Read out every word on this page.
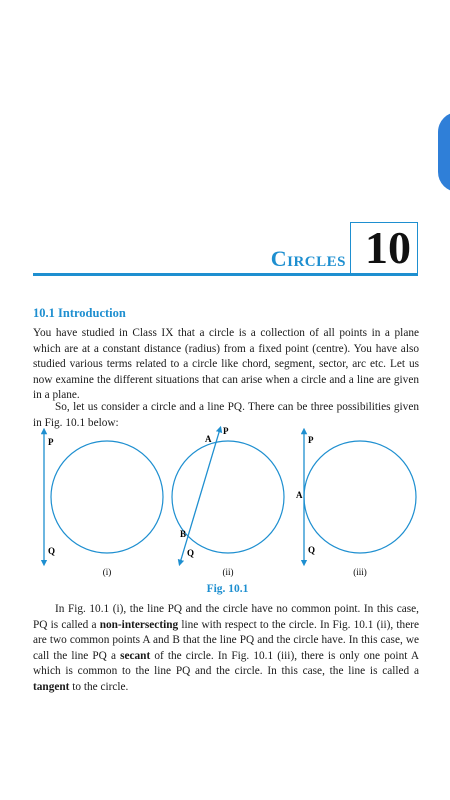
Circles 10
10.1 Introduction

You have studied in Class IX that a circle is a collection of all points in a plane which are at a constant distance (radius) from a fixed point (centre). You have also studied various terms related to a circle like chord, segment, sector, arc etc. Let us now examine the different situations that can arise when a circle and a line are given in a plane.

So, let us consider a circle and a line PQ. There can be three possibilities given in Fig. 10.1 below:

P
Q
(i)
A
P
B
Q
(ii)
P
A
Q
(iii)
Fig. 10.1

In Fig. 10.1 (i), the line PQ and the circle have no common point. In this case, PQ is called a non-intersecting line with respect to the circle. In Fig. 10.1 (ii), there are two common points A and B that the line PQ and the circle have. In this case, we call the line PQ a secant of the circle. In Fig. 10.1 (iii), there is only one point A which is common to the line PQ and the circle. In this case, the line is called a tangent to the circle.
